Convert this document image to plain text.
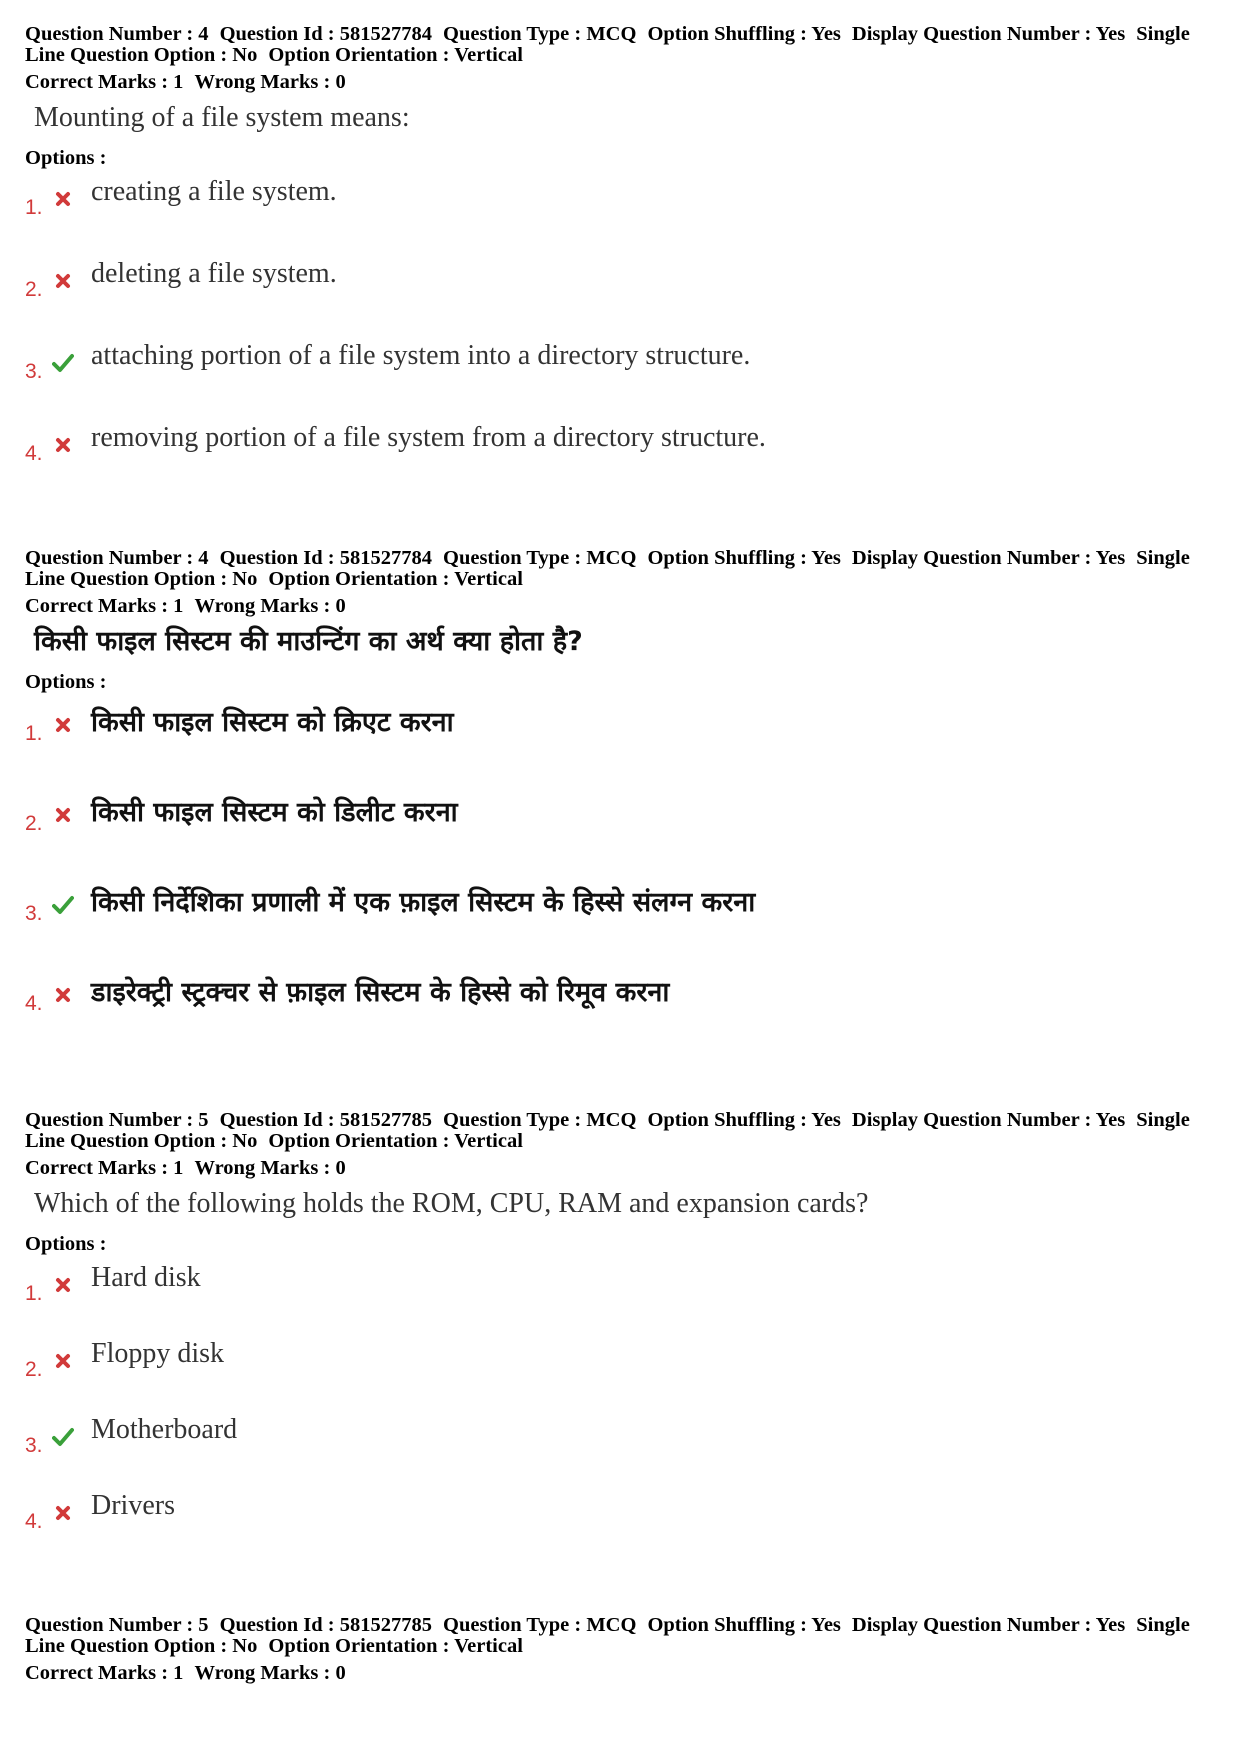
Question Number : 4 Question Id : 581527784 Question Type : MCQ Option Shuffling : Yes Display Question Number : Yes Single Line Question Option : No Option Orientation : Vertical
Correct Marks : 1 Wrong Marks : 0
Mounting of a file system means:
Options :
1.
creating a file system.
2.
deleting a file system.
3.
attaching portion of a file system into a directory structure.
4.
removing portion of a file system from a directory structure.
Question Number : 4 Question Id : 581527784 Question Type : MCQ Option Shuffling : Yes Display Question Number : Yes Single Line Question Option : No Option Orientation : Vertical
Correct Marks : 1 Wrong Marks : 0
किसी फाइल सिस्टम की माउन्टिंग का अर्थ क्या होता है?
Options :
1. किसी फाइल सिस्टम को क्रिएट करना
2. किसी फाइल सिस्टम को डिलीट करना
3. किसी निर्देशिका प्रणाली में एक फ़ाइल सिस्टम के हिस्से संलग्न करना
4. डाइरेक्ट्री स्ट्रक्चर से फ़ाइल सिस्टम के हिस्से को रिमूव करना
Question Number : 5 Question Id : 581527785 Question Type : MCQ Option Shuffling : Yes Display Question Number : Yes Single Line Question Option : No Option Orientation : Vertical
Correct Marks : 1 Wrong Marks : 0
Which of the following holds the ROM, CPU, RAM and expansion cards?
Options :
1.
Hard disk
2.
Floppy disk
3.
Motherboard
4.
Drivers
Question Number : 5 Question Id : 581527785 Question Type : MCQ Option Shuffling : Yes Display Question Number : Yes Single Line Question Option : No Option Orientation : Vertical
Correct Marks : 1 Wrong Marks : 0
